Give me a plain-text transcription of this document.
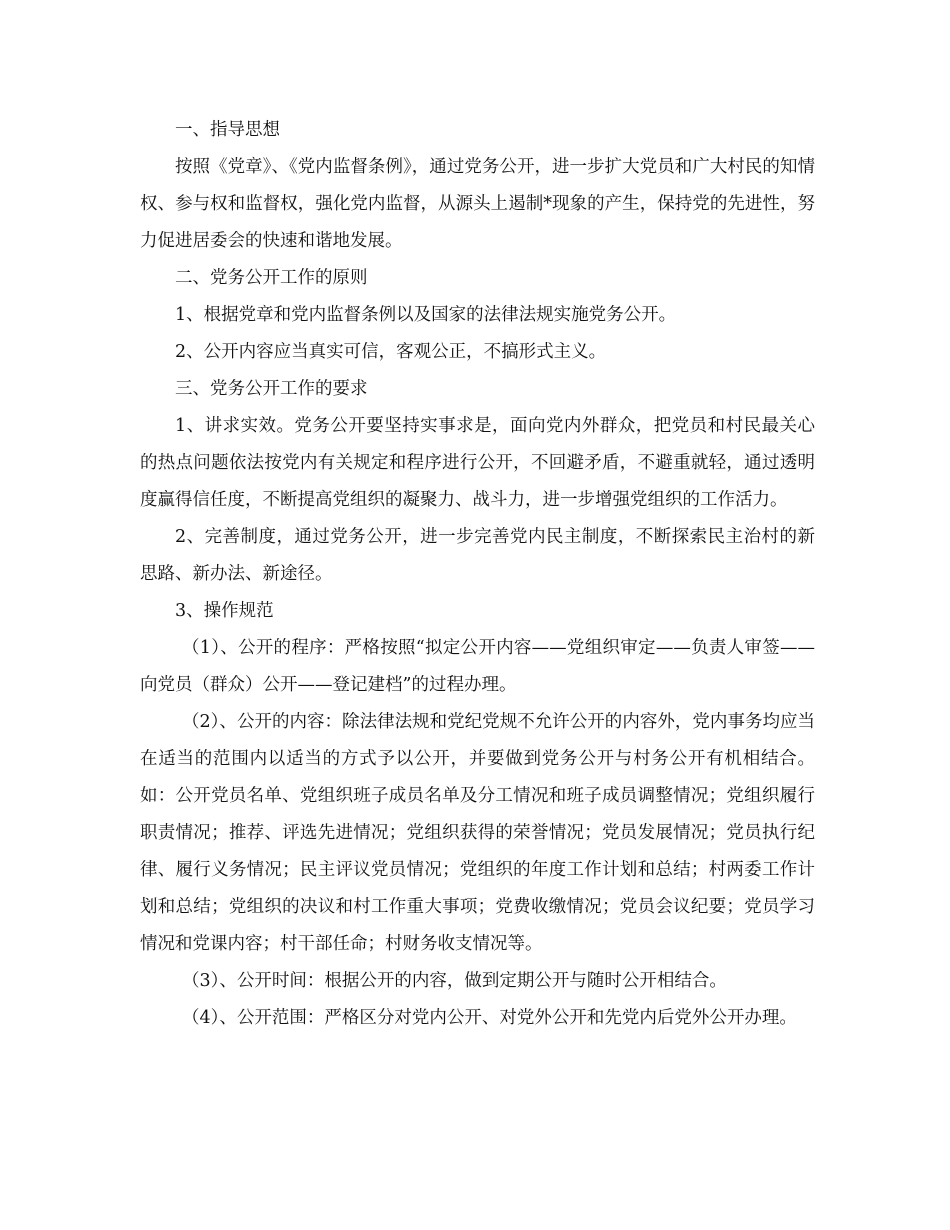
一、指导思想

按照《党章》、《党内监督条例》，通过党务公开，进一步扩大党员和广大村民的知情权、参与权和监督权，强化党内监督，从源头上遏制*现象的产生，保持党的先进性，努力促进居委会的快速和谐地发展。

二、党务公开工作的原则

1、根据党章和党内监督条例以及国家的法律法规实施党务公开。

2、公开内容应当真实可信，客观公正，不搞形式主义。

三、党务公开工作的要求

1、讲求实效。党务公开要坚持实事求是，面向党内外群众，把党员和村民最关心的热点问题依法按党内有关规定和程序进行公开，不回避矛盾，不避重就轻，通过透明度赢得信任度，不断提高党组织的凝聚力、战斗力，进一步增强党组织的工作活力。

2、完善制度，通过党务公开，进一步完善党内民主制度，不断探索民主治村的新思路、新办法、新途径。

3、操作规范

（1）、公开的程序：严格按照“拟定公开内容——党组织审定——负责人审签——向党员（群众）公开——登记建档”的过程办理。

（2）、公开的内容：除法律法规和党纪党规不允许公开的内容外，党内事务均应当在适当的范围内以适当的方式予以公开，并要做到党务公开与村务公开有机相结合。如：公开党员名单、党组织班子成员名单及分工情况和班子成员调整情况；党组织履行职责情况；推荐、评选先进情况；党组织获得的荣誉情况；党员发展情况；党员执行纪律、履行义务情况；民主评议党员情况；党组织的年度工作计划和总结；村两委工作计划和总结；党组织的决议和村工作重大事项；党费收缴情况；党员会议纪要；党员学习情况和党课内容；村干部任命；村财务收支情况等。

（3）、公开时间：根据公开的内容，做到定期公开与随时公开相结合。

（4）、公开范围：严格区分对党内公开、对党外公开和先党内后党外公开办理。
